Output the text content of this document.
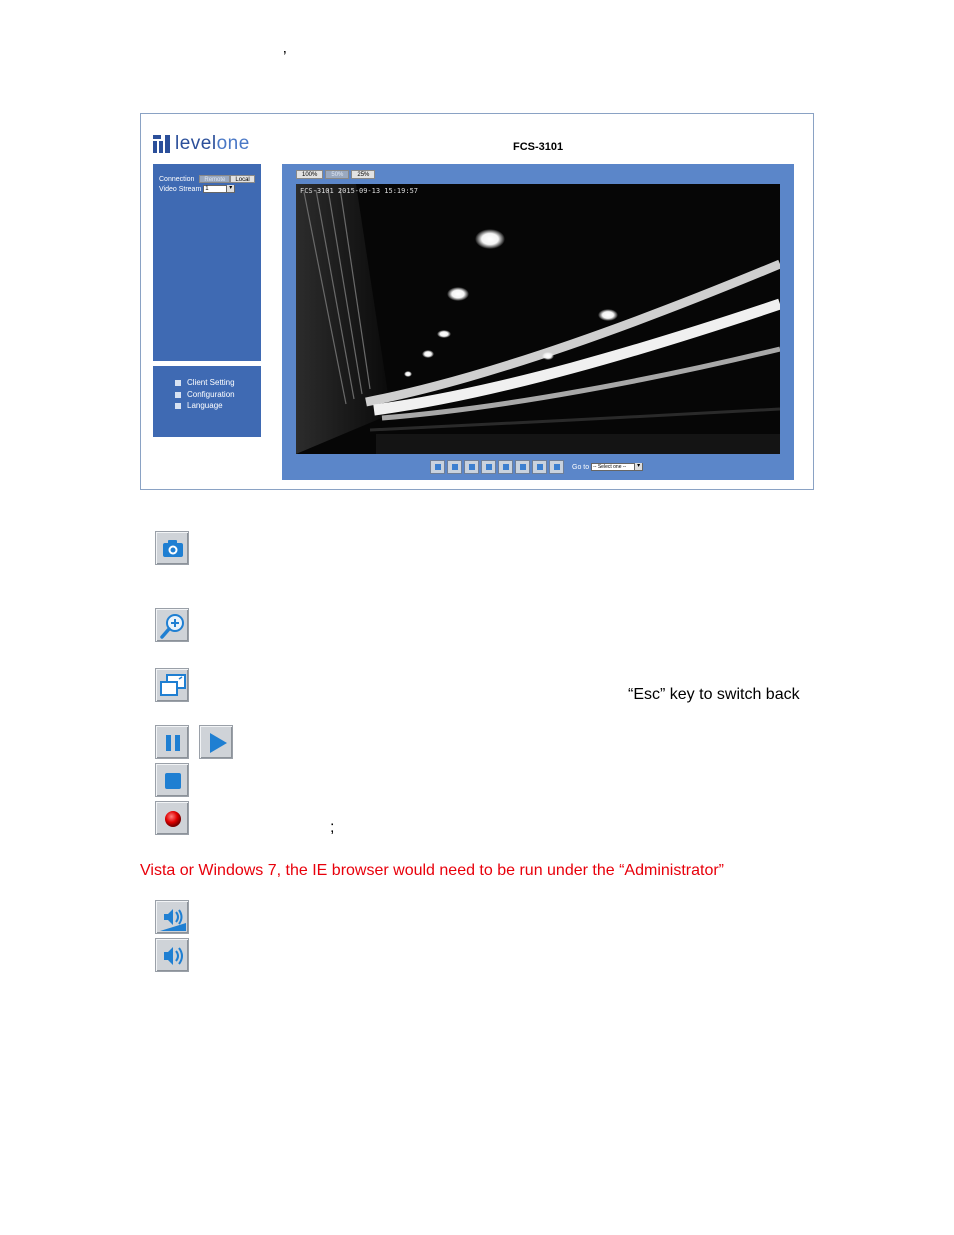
’
levelone	FCS-3101
Connection Remote Local
Video Stream 1 ▾
Client Setting
Configuration
Language
100%	50%	25%
FCS-3101 2015-09-13 15:19:57
Go to -- Select one -- ▾
“Esc” key to switch back
;
Vista or Windows 7, the IE browser would need to be run under the “Administrator”
